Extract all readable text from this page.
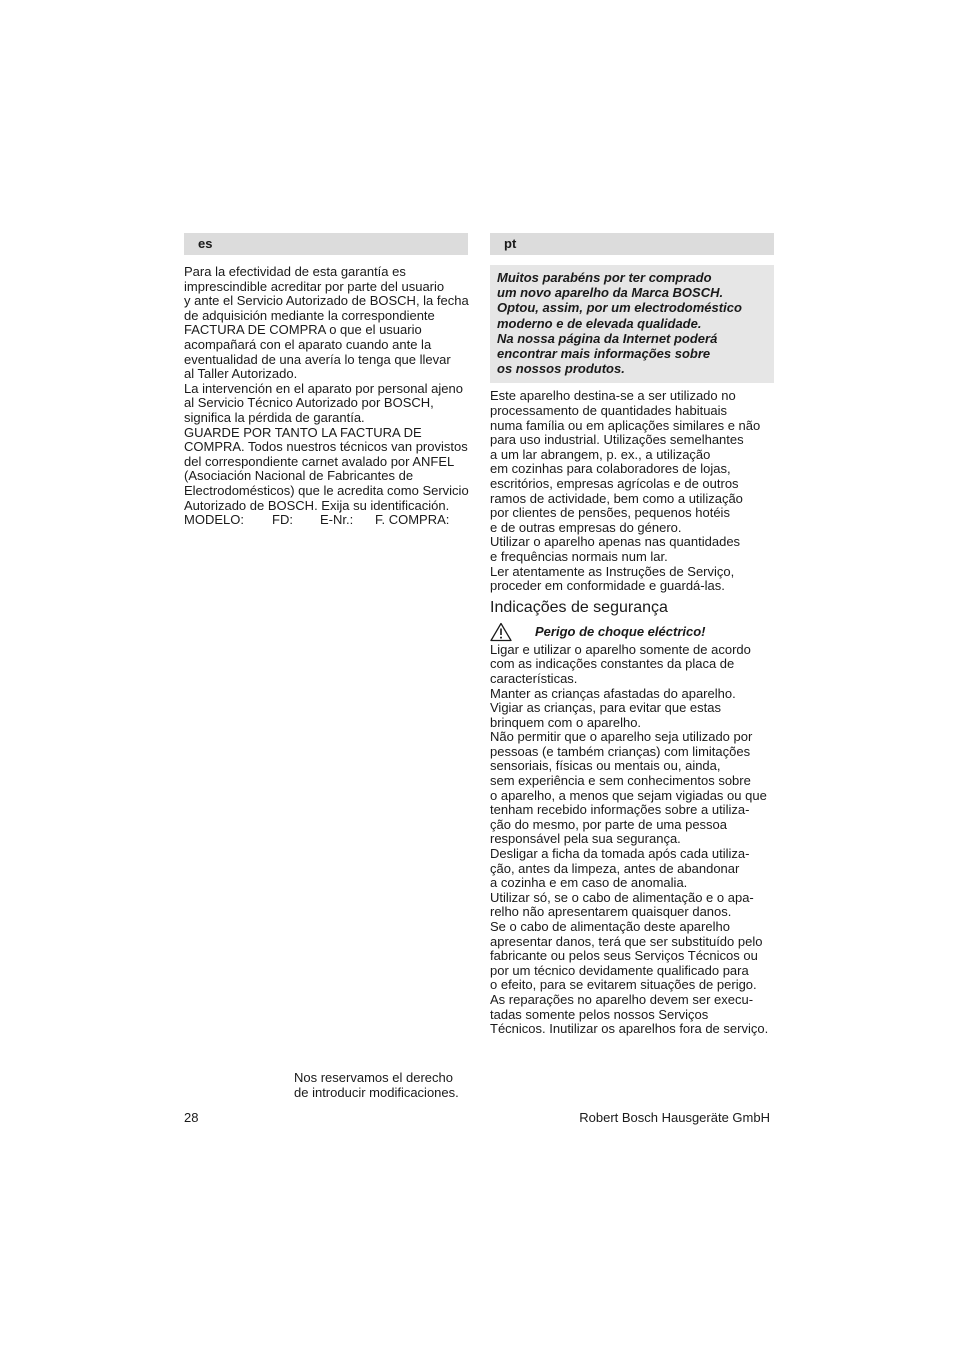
es
Para la efectividad de esta garantía es
imprescindible acreditar por parte del usuario
y ante el Servicio Autorizado de BOSCH, la fecha
de adquisición mediante la correspondiente
FACTURA DE COMPRA o que el usuario
acompañará con el aparato cuando ante la
eventualidad de una avería lo tenga que llevar
al Taller Autorizado.
La intervención en el aparato por personal ajeno
al Servicio Técnico Autorizado por BOSCH,
significa la pérdida de garantía.
GUARDE POR TANTO LA FACTURA DE
COMPRA. Todos nuestros técnicos van provistos
del correspondiente carnet avalado por ANFEL
(Asociación Nacional de Fabricantes de
Electrodomésticos) que le acredita como Servicio
Autorizado de BOSCH. Exija su identificación.
MODELO:	FD:	E-Nr.:	F. COMPRA:
pt
Muitos parabéns por ter comprado
um novo aparelho da Marca BOSCH.
Optou, assim, por um electrodoméstico
moderno e de elevada qualidade.
Na nossa página da Internet poderá
encontrar mais informações sobre
os nossos produtos.
Este aparelho destina-se a ser utilizado no
processamento de quantidades habituais
numa família ou em aplicações similares e não
para uso industrial. Utilizações semelhantes
a um lar abrangem, p. ex., a utilização
em cozinhas para colaboradores de lojas,
escritórios, empresas agrícolas e de outros
ramos de actividade, bem como a utilização
por clientes de pensões, pequenos hotéis
e de outras empresas do género.
Utilizar o aparelho apenas nas quantidades
e frequências normais num lar.
Ler atentamente as Instruções de Serviço,
proceder em conformidade e guardá-las.
Indicações de segurança
Perigo de choque eléctrico!
Ligar e utilizar o aparelho somente de acordo
com as indicações constantes da placa de
características.
Manter as crianças afastadas do aparelho.
Vigiar as crianças, para evitar que estas
brinquem com o aparelho.
Não permitir que o aparelho seja utilizado por
pessoas (e também crianças) com limitações
sensoriais, físicas ou mentais ou, ainda,
sem experiência e sem conhecimentos sobre
o aparelho, a menos que sejam vigiadas ou que
tenham recebido informações sobre a utiliza-
ção do mesmo, por parte de uma pessoa
responsável pela sua segurança.
Desligar a ficha da tomada após cada utiliza-
ção, antes da limpeza, antes de abandonar
a cozinha e em caso de anomalia.
Utilizar só, se o cabo de alimentação e o apa-
relho não apresentarem quaisquer danos.
Se o cabo de alimentação deste aparelho
apresentar danos, terá que ser substituído pelo
fabricante ou pelos seus Serviços Técnicos ou
por um técnico devidamente qualificado para
o efeito, para se evitarem situações de perigo.
As reparações no aparelho devem ser execu-
tadas somente pelos nossos Serviços
Técnicos. Inutilizar os aparelhos fora de serviço.
Nos reservamos el derecho
de introducir modificaciones.
28	Robert Bosch Hausgeräte GmbH
